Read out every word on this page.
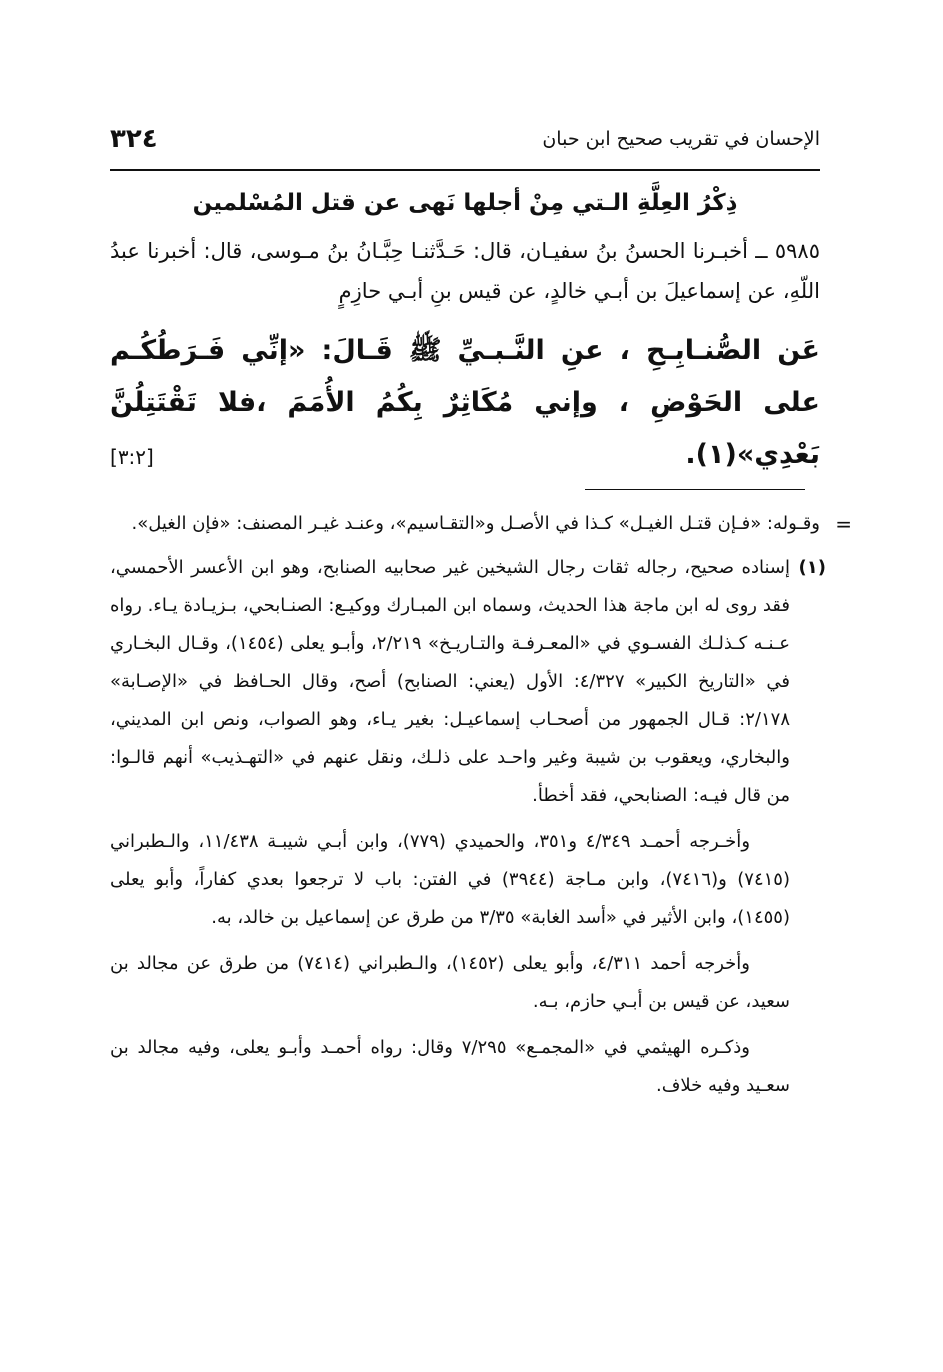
الإحسان في تقريب صحيح ابن حبان
٣٢٤
ذِكْرُ العِلَّةِ الـتي مِنْ أجلها نَهى عن قتل المُسْلمين

٥٩٨٥ ــ أخبـرنا الحسنُ بنُ سفيـان، قال: حَـدَّثنـا حِبَّـانُ بنُ مـوسى، قال: أخبرنا عبدُ اللّهِ، عن إسماعيلَ بن أبـي خالدٍ، عن قيس بنِ أبـي حازِمٍ

عَن الصُّنـابِـحِ ، عنِ النَّـبـيِّ ﷺ قَـالَ: «إنِّي فَـرَطُكُـم على الحَوْضِ ، وإني مُكَاثِرٌ بِكُمُ الأُمَمَ ،فلا تَقْتَتِلُنَّ بَعْدِي»(١).
[٣:٢]

=
وقـوله: «فـإن قتـل الغيـل» كـذا في الأصـل و«التقـاسيم»، وعنـد غيـر المصنف: «فإن الغيل».
(١)
إسناده صحيح، رجاله ثقات رجال الشيخين غير صحابيه الصنابح، وهو ابن الأعسر الأحمسي، فقد روى له ابن ماجة هذا الحديث، وسماه ابن المبـارك ووكيـع: الصنـابحي، بـزيـادة يـاء. رواه عـنـه كـذلـك الفسـوي في «المعـرفـة والتـاريـخ» ٢/٢١٩، وأبـو يعلى (١٤٥٤)، وقـال البخـاري في «التاريخ الكبير» ٤/٣٢٧: الأول (يعني: الصنابح) أصح، وقال الحـافظ في «الإصـابة» ٢/١٧٨: قـال الجمهور من أصحـاب إسماعيـل: بغير يـاء، وهو الصواب، ونص ابن المديني، والبخاري، ويعقوب بن شيبة وغير واحـد على ذلـك، ونقل عنهم في «التهـذيب» أنهم قالـوا: من قال فيـه: الصنابحي، فقد أخطأ.

وأخـرجه أحمـد ٤/٣٤٩ و٣٥١، والحميدي (٧٧٩)، وابن أبـي شيبـة ١١/٤٣٨، والـطبراني (٧٤١٥) و(٧٤١٦)، وابن مـاجة (٣٩٤٤) في الفتن: باب لا ترجعوا بعدي كفاراً، وأبو يعلى (١٤٥٥)، وابن الأثير في «أسد الغابة» ٣/٣٥ من طرق عن إسماعيل بن خالد، به.

وأخرجه أحمد ٤/٣١١، وأبو يعلى (١٤٥٢)، والـطبراني (٧٤١٤) من طرق عن مجالد بن سعيد، عن قيس بن أبـي حازم، بـه.

وذكـره الهيثمي في «المجمـع» ٧/٢٩٥ وقال: رواه أحمـد وأبـو يعلى، وفيه مجالد بن سعـيد وفيه خلاف.
